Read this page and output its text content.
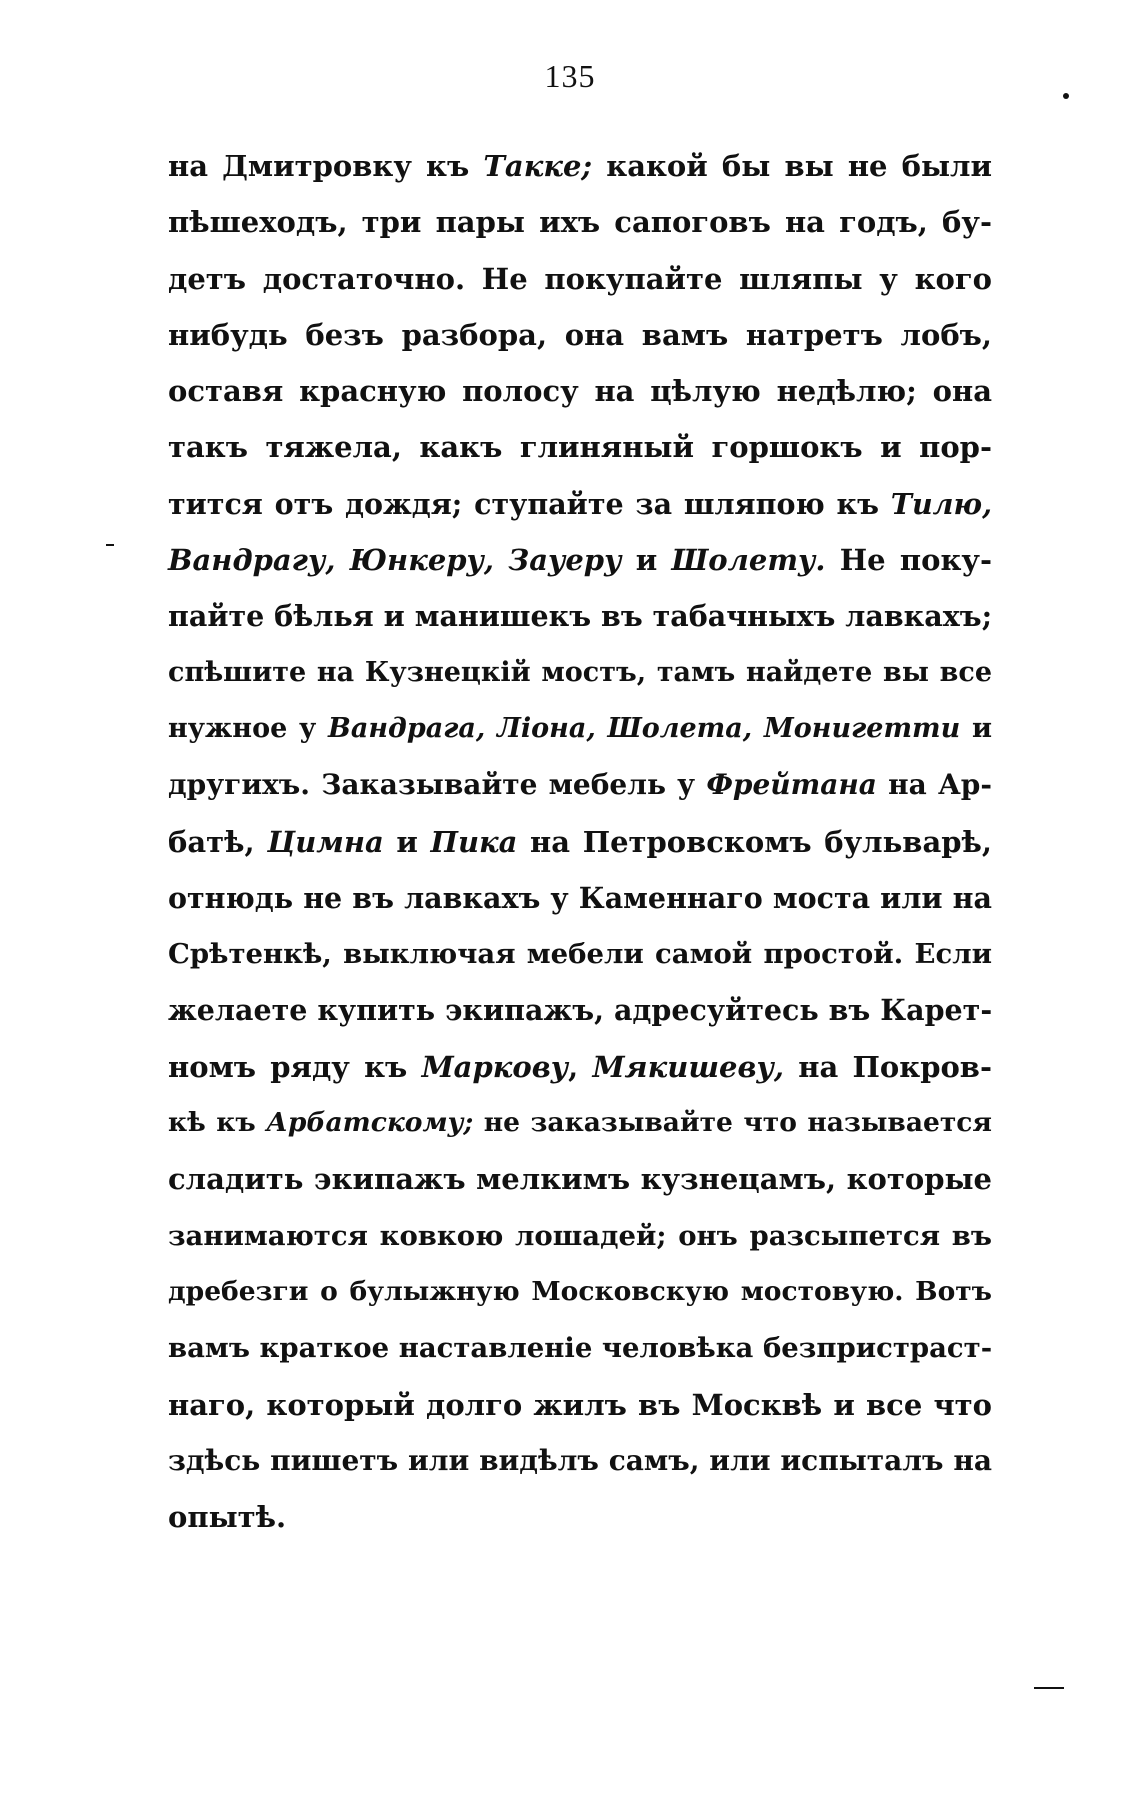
135
на Дмитровку къ Такке; какой бы вы не были
пѣшеходъ, три пары ихъ сапоговъ на годъ, бу-
детъ достаточно. Не покупайте шляпы у кого
нибудь безъ разбора, она вамъ натретъ лобъ,
оставя красную полосу на цѣлую недѣлю; она
такъ тяжела, какъ глиняный горшокъ и пор-
тится отъ дождя; ступайте за шляпою къ Тилю,
Вандрагу, Юнкеру, Зауеру и Шолету. Не поку-
пайте бѣлья и манишекъ въ табачныхъ лавкахъ;
спѣшите на Кузнецкій мостъ, тамъ найдете вы все
нужное у Вандрага, Ліона, Шолета, Монигетти и
другихъ. Заказывайте мебель у Фрейтана на Ар-
батѣ, Цимна и Пика на Петровскомъ бульварѣ,
отнюдь не въ лавкахъ у Каменнаго моста или на
Срѣтенкѣ, выключая мебели самой простой. Если
желаете купить экипажъ, адресуйтесь въ Карет-
номъ ряду къ Маркову, Мякишеву, на Покров-
кѣ къ Арбатскому; не заказывайте что называется
сладить экипажъ мелкимъ кузнецамъ, которые
занимаются ковкою лошадей; онъ разсыпется въ
дребезги о булыжную Московскую мостовую. Вотъ
вамъ краткое наставленіе человѣка безпристраст-
наго, который долго жилъ въ Москвѣ и все что
здѣсь пишетъ или видѣлъ самъ, или испыталъ на
опытѣ.
